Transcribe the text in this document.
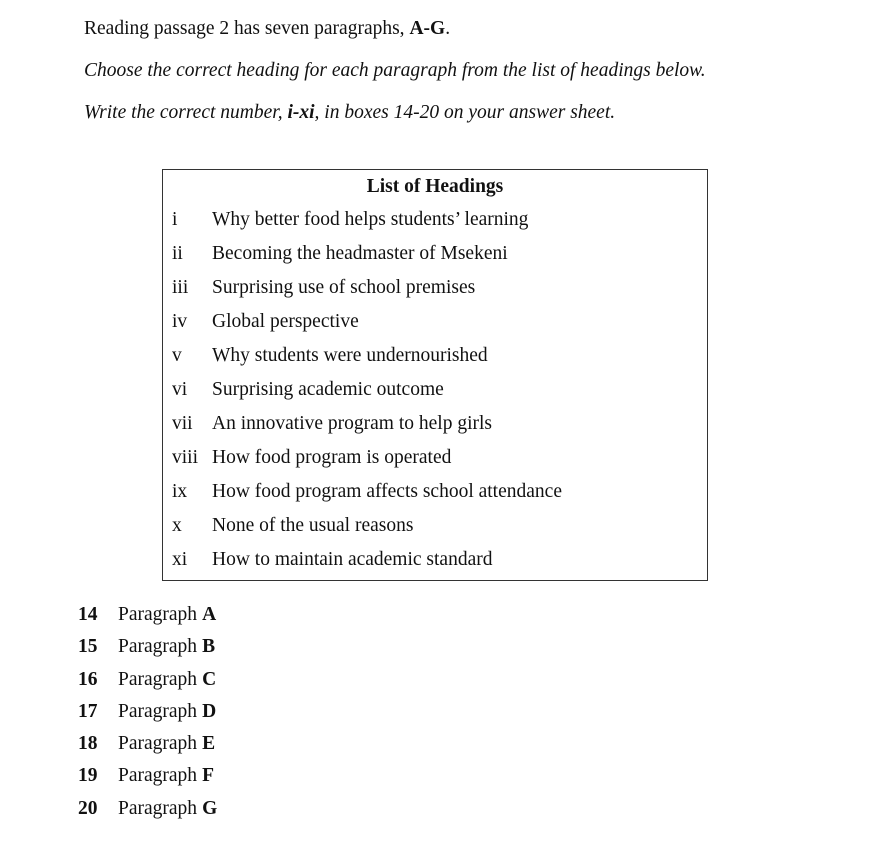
Reading passage 2 has seven paragraphs, A-G.
Choose the correct heading for each paragraph from the list of headings below.
Write the correct number, i-xi, in boxes 14-20 on your answer sheet.
List of Headings
i	Why better food helps students’ learning
ii	Becoming the headmaster of Msekeni
iii	Surprising use of school premises
iv	Global perspective
v	Why students were undernourished
vi	Surprising academic outcome
vii An innovative program to help girls
viii How food program is operated
ix	How food program affects school attendance
x	None of the usual reasons
xi	How to maintain academic standard
14	Paragraph A
15	Paragraph B
16	Paragraph C
17	Paragraph D
18	Paragraph E
19	Paragraph F
20	Paragraph G
